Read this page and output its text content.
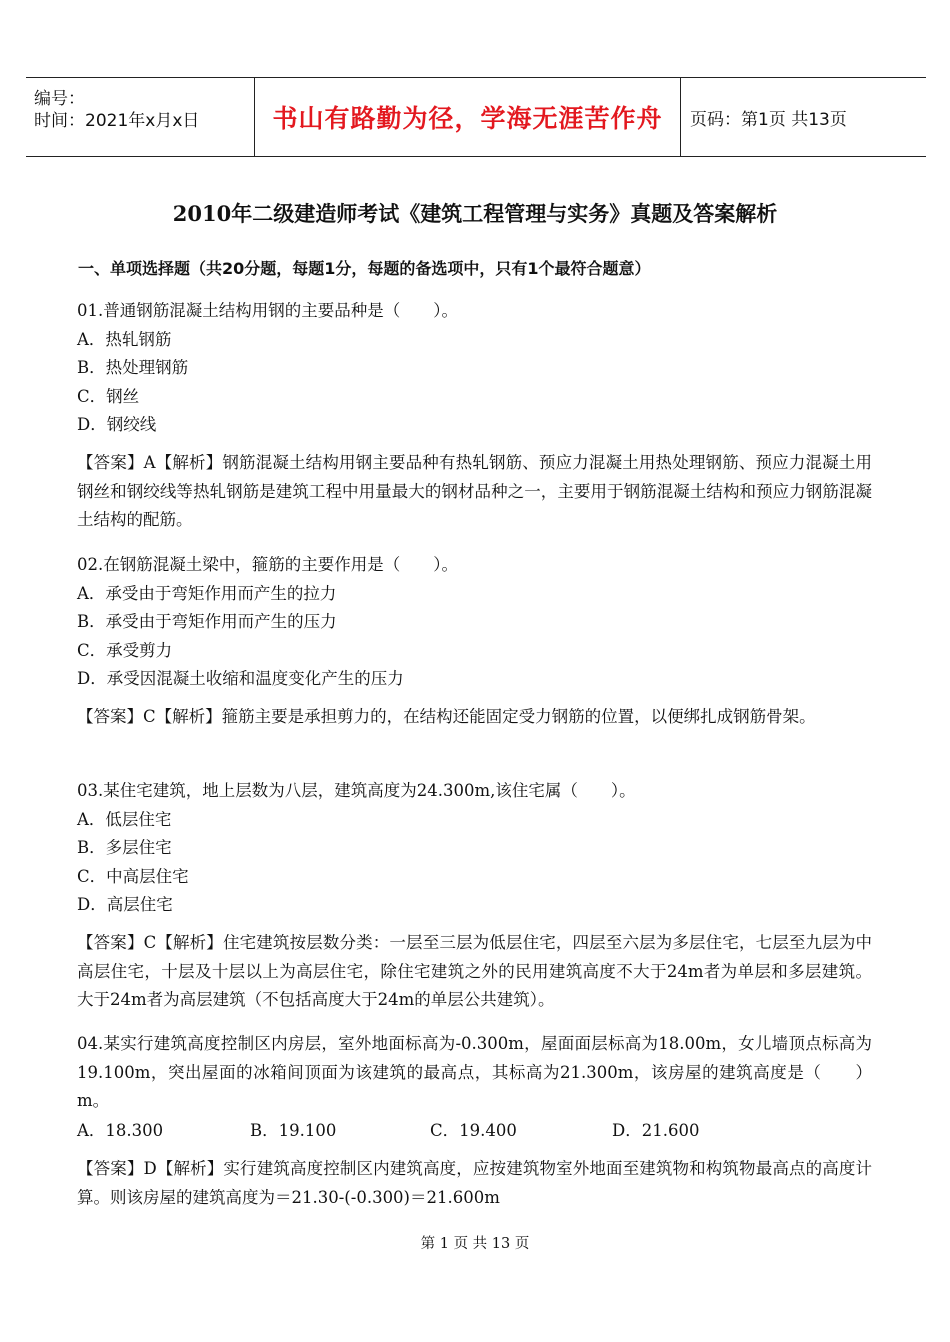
编号：
时间：2021年x月x日	书山有路勤为径，学海无涯苦作舟	页码：第1页 共13页
2010年二级建造师考试《建筑工程管理与实务》真题及答案解析
一、单项选择题（共20分题，每题1分，每题的备选项中，只有1个最符合题意）
01.普通钢筋混凝土结构用钢的主要品种是（　　）。
A．热轧钢筋
B．热处理钢筋
C．钢丝
D．钢绞线
【答案】A【解析】钢筋混凝土结构用钢主要品种有热轧钢筋、预应力混凝土用热处理钢筋、预应力混凝土用钢丝和钢绞线等热轧钢筋是建筑工程中用量最大的钢材品种之一，主要用于钢筋混凝土结构和预应力钢筋混凝土结构的配筋。
02.在钢筋混凝土梁中，箍筋的主要作用是（　　）。
A．承受由于弯矩作用而产生的拉力
B．承受由于弯矩作用而产生的压力
C．承受剪力
D．承受因混凝土收缩和温度变化产生的压力
【答案】C【解析】箍筋主要是承担剪力的，在结构还能固定受力钢筋的位置，以便绑扎成钢筋骨架。
03.某住宅建筑，地上层数为八层，建筑高度为24.300m,该住宅属（　　）。
A．低层住宅
B．多层住宅
C．中高层住宅
D．高层住宅
【答案】C【解析】住宅建筑按层数分类：一层至三层为低层住宅，四层至六层为多层住宅，七层至九层为中高层住宅，十层及十层以上为高层住宅，除住宅建筑之外的民用建筑高度不大于24m者为单层和多层建筑。大于24m者为高层建筑（不包括高度大于24m的单层公共建筑）。
04.某实行建筑高度控制区内房层，室外地面标高为-0.300m，屋面面层标高为18.00m，女儿墙顶点标高为19.100m，突出屋面的冰箱间顶面为该建筑的最高点，其标高为21.300m，该房屋的建筑高度是（　　）m。
A．18.300	B．19.100	C．19.400	D．21.600
【答案】D【解析】实行建筑高度控制区内建筑高度，应按建筑物室外地面至建筑物和构筑物最高点的高度计算。则该房屋的建筑高度为＝21.30-(-0.300)＝21.600m
第 1 页 共 13 页
